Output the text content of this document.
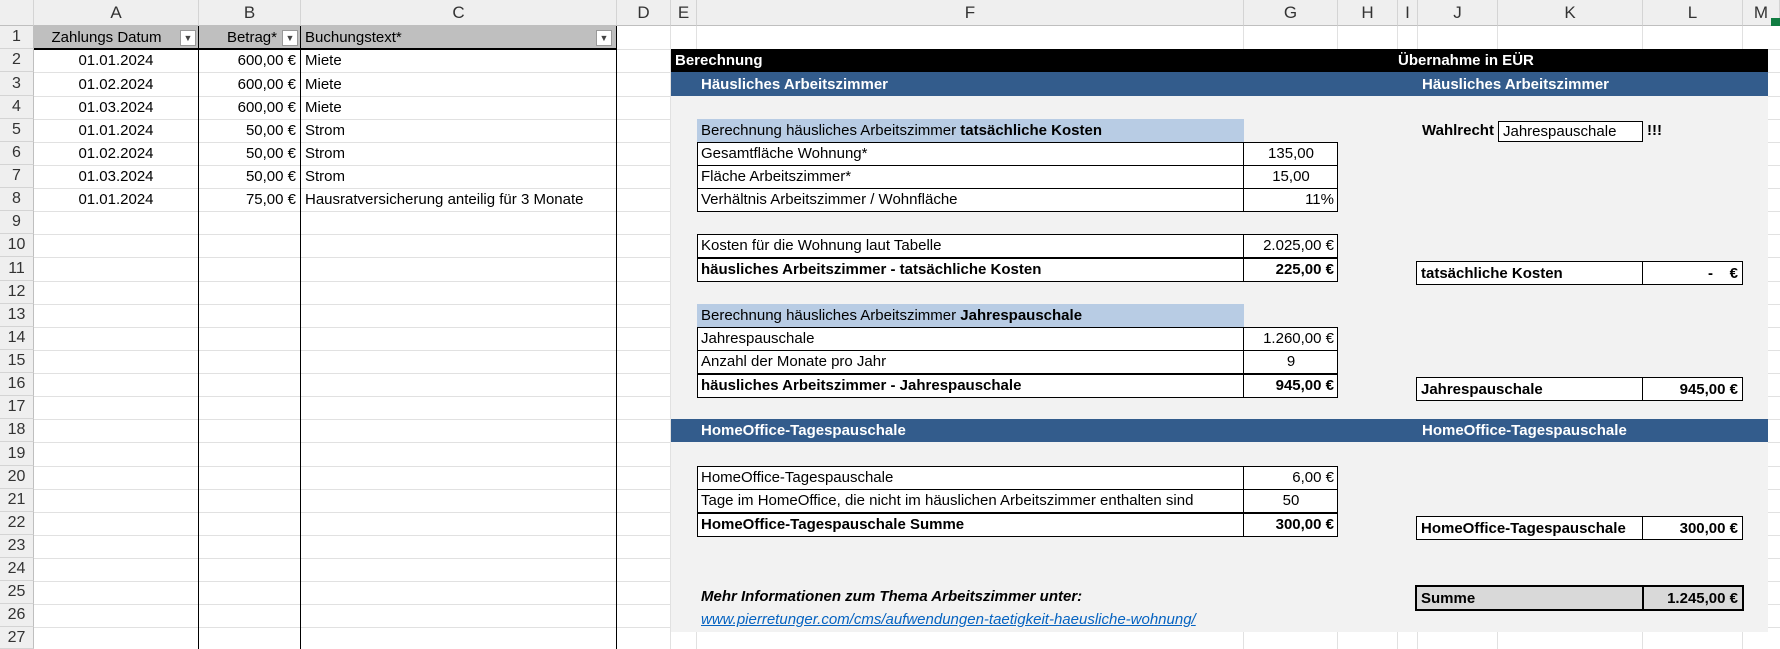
A	B	C	D	E	F	G	H	I	J	K	L	M
1
2
3
4
5
6
7
8
9
10
11
12
13
14
15
16
17
18
19
20
21
22
23
24
25
26
27
Zahlungs Datum	▼	Betrag* ▼ Buchungstext*	▼
01.01.2024	600,00 € Miete
01.02.2024	600,00 € Miete
01.03.2024	600,00 € Miete
01.01.2024	50,00 € Strom
01.02.2024	50,00 € Strom
01.03.2024	50,00 € Strom
01.01.2024	75,00 € Hausratversicherung anteilig für 3 Monate
Berechnung	Übernahme in EÜR
Häusliches Arbeitszimmer	Häusliches Arbeitszimmer
Berechnung häusliches Arbeitszimmer tatsächliche Kosten
Gesamtfläche Wohnung*	135,00
Fläche Arbeitszimmer*	15,00
Verhältnis Arbeitszimmer / Wohnfläche	11%
Kosten für die Wohnung laut Tabelle	2.025,00 €
häusliches Arbeitszimmer - tatsächliche Kosten	225,00 €
Berechnung häusliches Arbeitszimmer Jahrespauschale
Jahrespauschale	1.260,00 €
Anzahl der Monate pro Jahr	9
häusliches Arbeitszimmer - Jahrespauschale	945,00 €
HomeOffice-Tagespauschale	HomeOffice-Tagespauschale
HomeOffice-Tagespauschale	6,00 €
Tage im HomeOffice, die nicht im häuslichen Arbeitszimmer enthalten sind	50
HomeOffice-Tagespauschale Summe	300,00 €
Mehr Informationen zum Thema Arbeitszimmer unter:
www.pierretunger.com/cms/aufwendungen-taetigkeit-haeusliche-wohnung/
Wahlrecht Jahrespauschale	!!!
tatsächliche Kosten	-    €
Jahrespauschale	945,00 €
HomeOffice-Tagespauschale	300,00 €
Summe	1.245,00 €
